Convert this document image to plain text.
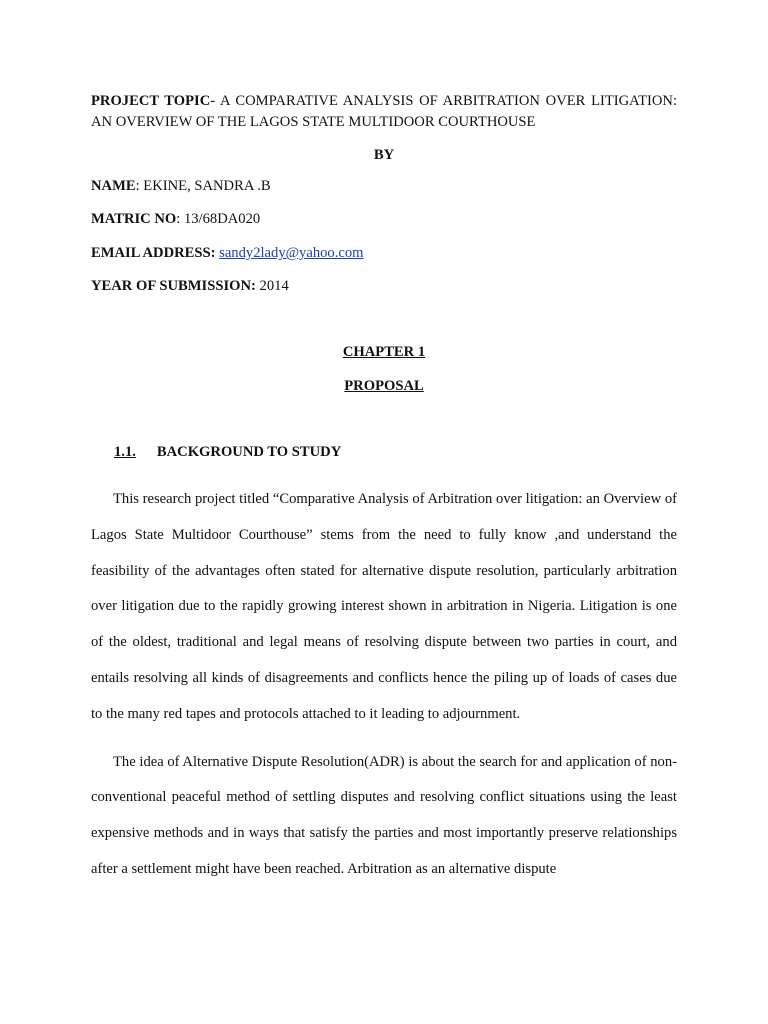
PROJECT TOPIC- A COMPARATIVE ANALYSIS OF ARBITRATION OVER LITIGATION: AN OVERVIEW OF THE LAGOS STATE MULTIDOOR COURTHOUSE

BY

NAME: EKINE, SANDRA .B

MATRIC NO: 13/68DA020

EMAIL ADDRESS: sandy2lady@yahoo.com

YEAR OF SUBMISSION: 2014

CHAPTER 1

PROPOSAL

1.1. BACKGROUND TO STUDY

This research project titled “Comparative Analysis of Arbitration over litigation: an Overview of Lagos State Multidoor Courthouse” stems from the need to fully know ,and understand the feasibility of the advantages often stated for alternative dispute resolution, particularly arbitration over litigation due to the rapidly growing interest shown in arbitration in Nigeria. Litigation is one of the oldest, traditional and legal means of resolving dispute between two parties in court, and entails resolving all kinds of disagreements and conflicts hence the piling up of loads of cases due to the many red tapes and protocols attached to it leading to adjournment.

The idea of Alternative Dispute Resolution(ADR) is about the search for and application of non-conventional peaceful method of settling disputes and resolving conflict situations using the least expensive methods and in ways that satisfy the parties and most importantly preserve relationships after a settlement might have been reached. Arbitration as an alternative dispute
